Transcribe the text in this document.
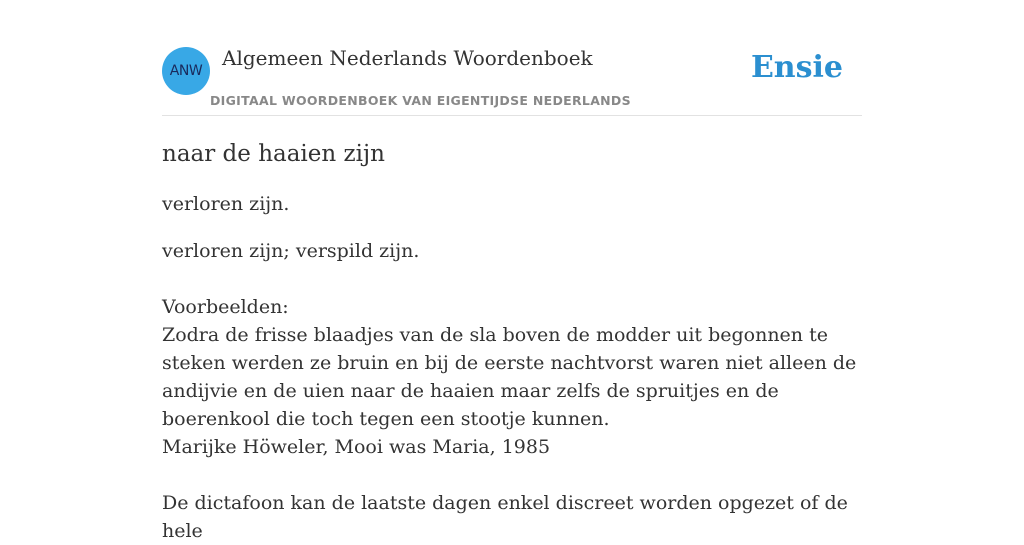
ANW
Algemeen Nederlands Woordenboek
DIGITAAL WOORDENBOEK VAN EIGENTIJDSE NEDERLANDS
Ensie
naar de haaien zijn

verloren zijn.

verloren zijn; verspild zijn.

Voorbeelden:

Zodra de frisse blaadjes van de sla boven de modder uit begonnen te steken werden ze bruin en bij de eerste nachtvorst waren niet alleen de andijvie en de uien naar de haaien maar zelfs de spruitjes en de boerenkool die toch tegen een stootje kunnen.

Marijke Höweler, Mooi was Maria, 1985

De dictafoon kan de laatste dagen enkel discreet worden opgezet of de hele
